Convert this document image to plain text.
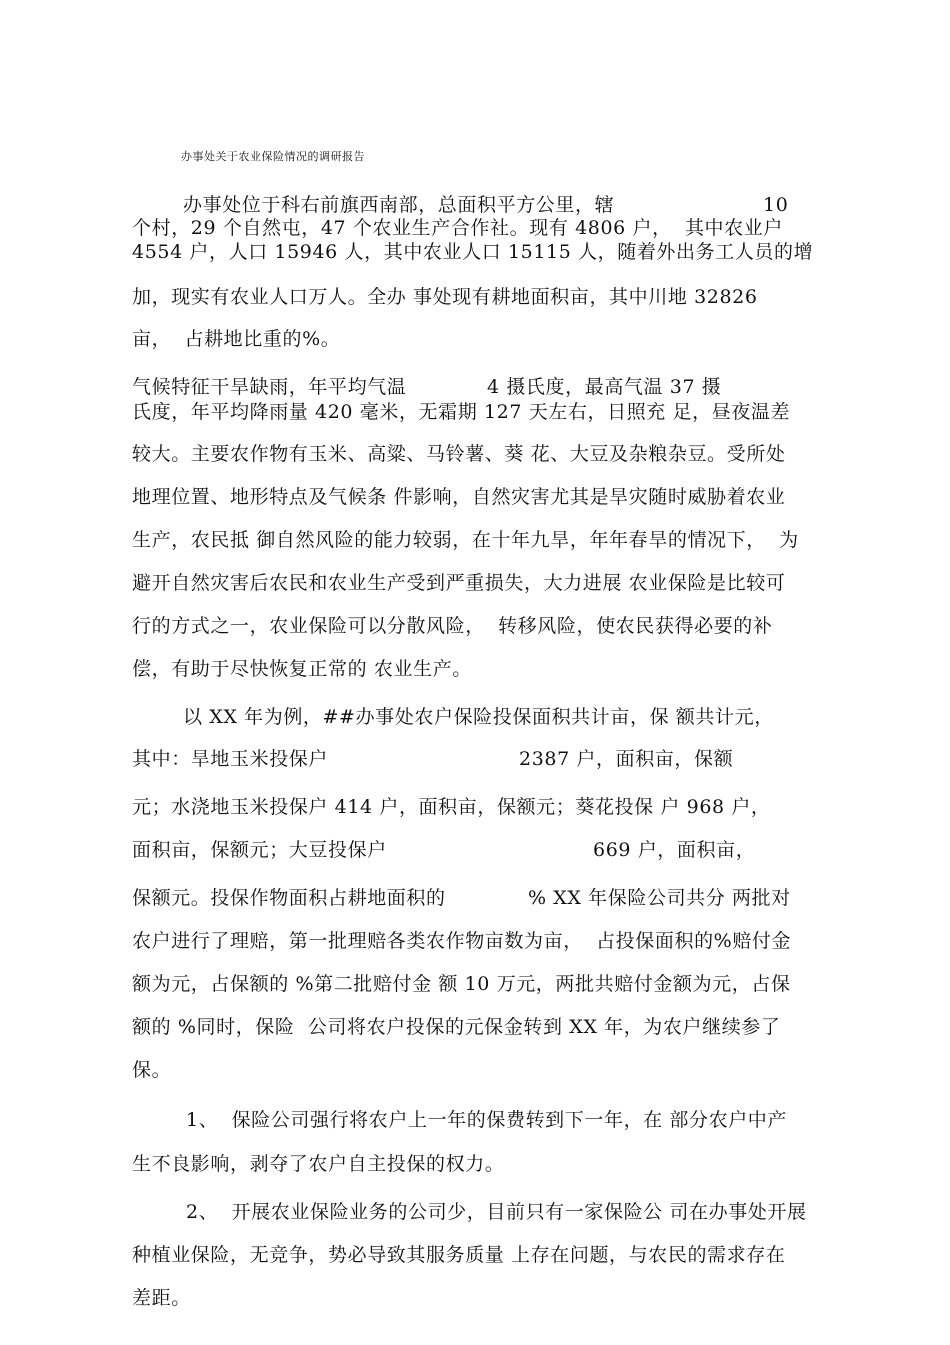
办事处关于农业保险情况的调研报告
办事处位于科右前旗西南部，总面积平方公里，辖	10
个村，29 个自然屯，47 个农业生产合作社。现有 4806 户，  其中农业户
4554 户，人口 15946 人，其中农业人口 15115 人，随着外出务工人员的增
加，现实有农业人口万人。全办 事处现有耕地面积亩，其中川地 32826
亩，  占耕地比重的%。
气候特征干旱缺雨，年平均气温	4 摄氏度，最高气温 37 摄
氏度，年平均降雨量 420 毫米，无霜期 127 天左右，日照充 足，昼夜温差
较大。主要农作物有玉米、高粱、马铃薯、葵 花、大豆及杂粮杂豆。受所处
地理位置、地形特点及气候条 件影响，自然灾害尤其是旱灾随时威胁着农业
生产，农民抵 御自然风险的能力较弱，在十年九旱，年年春旱的情况下，  为
避开自然灾害后农民和农业生产受到严重损失，大力进展 农业保险是比较可
行的方式之一，农业保险可以分散风险，  转移风险，使农民获得必要的补
偿，有助于尽快恢复正常的 农业生产。
以 XX 年为例，##办事处农户保险投保面积共计亩，保 额共计元，
其中：旱地玉米投保户	2387 户，面积亩，保额
元；水浇地玉米投保户 414 户，面积亩，保额元；葵花投保 户 968 户，
面积亩，保额元；大豆投保户	669 户，面积亩，
保额元。投保作物面积占耕地面积的	% XX 年保险公司共分 两批对
农户进行了理赔，第一批理赔各类农作物亩数为亩，  占投保面积的%赔付金
额为元，占保额的 %第二批赔付金 额 10 万元，两批共赔付金额为元，占保
额的 %同时，保险  公司将农户投保的元保金转到 XX 年，为农户继续参了
保。
1、  保险公司强行将农户上一年的保费转到下一年，在 部分农户中产
生不良影响，剥夺了农户自主投保的权力。
2、  开展农业保险业务的公司少，目前只有一家保险公 司在办事处开展
种植业保险，无竞争，势必导致其服务质量 上存在问题，与农民的需求存在
差距。
